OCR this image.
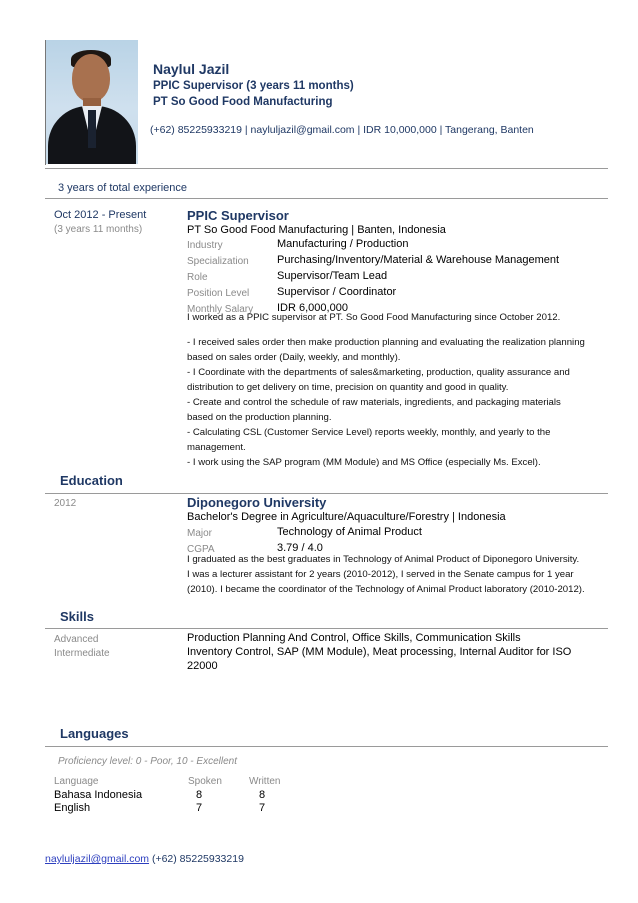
Naylul Jazil
PPIC Supervisor (3 years 11 months)
PT So Good Food Manufacturing
(+62) 85225933219 | nayluljazil@gmail.com | IDR 10,000,000 | Tangerang, Banten
3 years of total experience
Oct 2012 - Present
(3 years 11 months)
PPIC Supervisor
PT So Good Food Manufacturing | Banten, Indonesia
Industry	Manufacturing / Production
Specialization	Purchasing/Inventory/Material & Warehouse Management
Role	Supervisor/Team Lead
Position Level	Supervisor / Coordinator
Monthly Salary IDR 6,000,000
I worked as a PPIC supervisor at PT. So Good Food Manufacturing since October 2012.
- I received sales order then make production planning and evaluating the realization planning
based on sales order (Daily, weekly, and monthly).
- I Coordinate with the departments of sales&marketing, production, quality assurance and
distribution to get delivery on time, precision on quantity and good in quality.
- Create and control the schedule of raw materials, ingredients, and packaging materials
based on the production planning.
- Calculating CSL (Customer Service Level) reports weekly, monthly, and yearly to the
management.
- I work using the SAP program (MM Module) and MS Office (especially Ms. Excel).
Education
2012	Diponegoro University
Bachelor's Degree in Agriculture/Aquaculture/Forestry | Indonesia
Major	Technology of Animal Product
CGPA	3.79 / 4.0
I graduated as the best graduates in Technology of Animal Product of Diponegoro University.
I was a lecturer assistant for 2 years (2010-2012), I served in the Senate campus for 1 year
(2010). I became the coordinator of the Technology of Animal Product laboratory (2010-2012).
Skills
Advanced	Production Planning And Control, Office Skills, Communication Skills
Intermediate	Inventory Control, SAP (MM Module), Meat processing, Internal Auditor for ISO
22000
Languages
Proficiency level: 0 - Poor, 10 - Excellent
Language	Spoken	Written
Bahasa Indonesia	8	8
English	7	7
nayluljazil@gmail.com (+62) 85225933219
